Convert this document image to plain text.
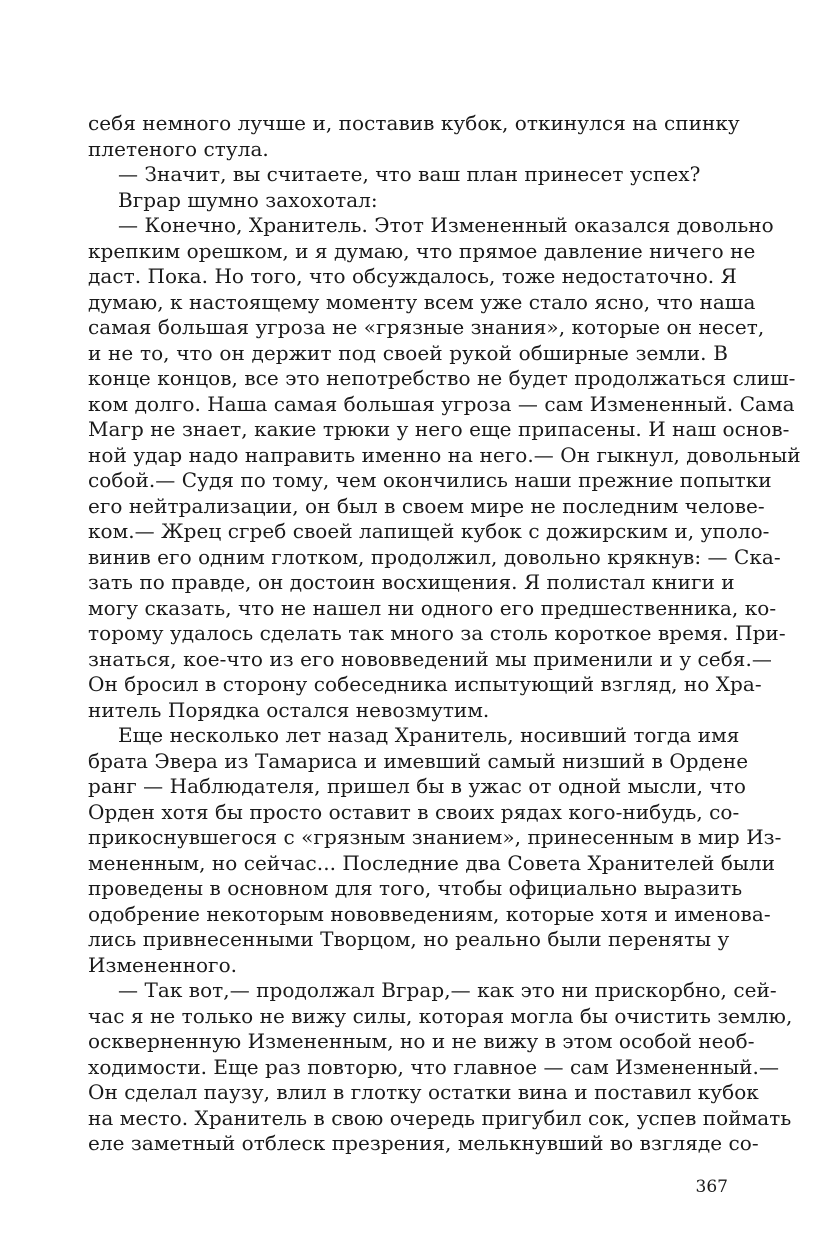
себя немного лучше и, поставив кубок, откинулся на спинку
плетеного стула.
— Значит, вы считаете, что ваш план принесет успех?
Вграр шумно захохотал:
— Конечно, Хранитель. Этот Измененный оказался довольно
крепким орешком, и я думаю, что прямое давление ничего не
даст. Пока. Но того, что обсуждалось, тоже недостаточно. Я
думаю, к настоящему моменту всем уже стало ясно, что наша
самая большая угроза не «грязные знания», которые он несет,
и не то, что он держит под своей рукой обширные земли. В
конце концов, все это непотребство не будет продолжаться слиш-
ком долго. Наша самая большая угроза — сам Измененный. Сама
Магр не знает, какие трюки у него еще припасены. И наш основ-
ной удар надо направить именно на него.— Он гыкнул, довольный
собой.— Судя по тому, чем окончились наши прежние попытки
его нейтрализации, он был в своем мире не последним челове-
ком.— Жрец сгреб своей лапищей кубок с дожирским и, уполо-
винив его одним глотком, продолжил, довольно крякнув: — Ска-
зать по правде, он достоин восхищения. Я полистал книги и
могу сказать, что не нашел ни одного его предшественника, ко-
торому удалось сделать так много за столь короткое время. При-
знаться, кое-что из его нововведений мы применили и у себя.—
Он бросил в сторону собеседника испытующий взгляд, но Хра-
нитель Порядка остался невозмутим.
Еще несколько лет назад Хранитель, носивший тогда имя
брата Эвера из Тамариса и имевший самый низший в Ордене
ранг — Наблюдателя, пришел бы в ужас от одной мысли, что
Орден хотя бы просто оставит в своих рядах кого-нибудь, со-
прикоснувшегося с «грязным знанием», принесенным в мир Из-
мененным, но сейчас... Последние два Совета Хранителей были
проведены в основном для того, чтобы официально выразить
одобрение некоторым нововведениям, которые хотя и именова-
лись привнесенными Творцом, но реально были переняты у
Измененного.
— Так вот,— продолжал Вграр,— как это ни прискорбно, сей-
час я не только не вижу силы, которая могла бы очистить землю,
оскверненную Измененным, но и не вижу в этом особой необ-
ходимости. Еще раз повторю, что главное — сам Измененный.—
Он сделал паузу, влил в глотку остатки вина и поставил кубок
на место. Хранитель в свою очередь пригубил сок, успев поймать
еле заметный отблеск презрения, мелькнувший во взгляде со-
367
